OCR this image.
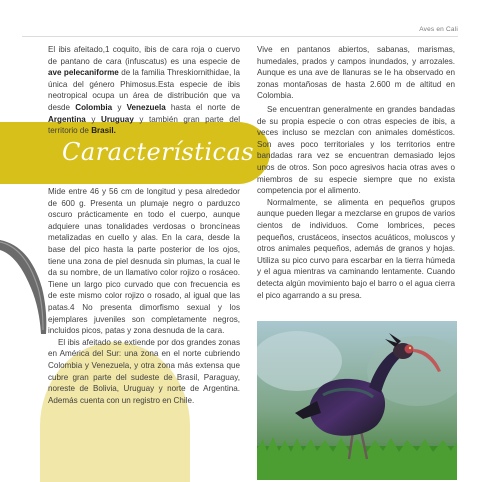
Aves en Cali
Características

El ibis afeitado,1 coquito, ibis de cara roja o cuervo de pantano de cara (infuscatus) es una especie de ave pelecaniforme de la familia Threskiornithidae, la única del género Phimosus.Esta especie de ibis neotropical ocupa un área de distribución que va desde Colombia y Venezuela hasta el norte de Argentina y Uruguay y también gran parte del territorio de Brasil.

Mide entre 46 y 56 cm de longitud y pesa alrededor de 600 g. Presenta un plumaje negro o parduzco oscuro prácticamente en todo el cuerpo, aunque adquiere unas tonalidades verdosas o broncíneas metalizadas en cuello y alas. En la cara, desde la base del pico hasta la parte posterior de los ojos, tiene una zona de piel desnuda sin plumas, la cual le da su nombre, de un llamativo color rojizo o rosáceo. Tiene un largo pico curvado que con frecuencia es de este mismo color rojizo o rosado, al igual que las patas.4 No presenta dimorfismo sexual y los ejemplares juveniles son completamente negros, incluidos picos, patas y zona desnuda de la cara.

El ibis afeitado se extiende por dos grandes zonas en América del Sur: una zona en el norte cubriendo Colombia y Venezuela, y otra zona más extensa que cubre gran parte del sudeste de Brasil, Paraguay, noreste de Bolivia, Uruguay y norte de Argentina. Además cuenta con un registro en Chile.

Vive en pantanos abiertos, sabanas, marismas, humedales, prados y campos inundados, y arrozales. Aunque es una ave de llanuras se le ha observado en zonas montañosas de hasta 2.600 m de altitud en Colombia.

Se encuentran generalmente en grandes bandadas de su propia especie o con otras especies de ibis, a veces incluso se mezclan con animales domésticos. Son aves poco territoriales y los territorios entre bandadas rara vez se encuentran demasiado lejos unos de otros. Son poco agresivos hacia otras aves o miembros de su especie siempre que no exista competencia por el alimento.

Normalmente, se alimenta en pequeños grupos aunque pueden llegar a mezclarse en grupos de varios cientos de individuos. Come lombrices, peces pequeños, crustáceos, insectos acuáticos, moluscos y otros animales pequeños, además de granos y hojas. Utiliza su pico curvo para escarbar en la tierra húmeda y el agua mientras va caminando lentamente. Cuando detecta algún movimiento bajo el barro o el agua cierra el pico agarrando a su presa.
